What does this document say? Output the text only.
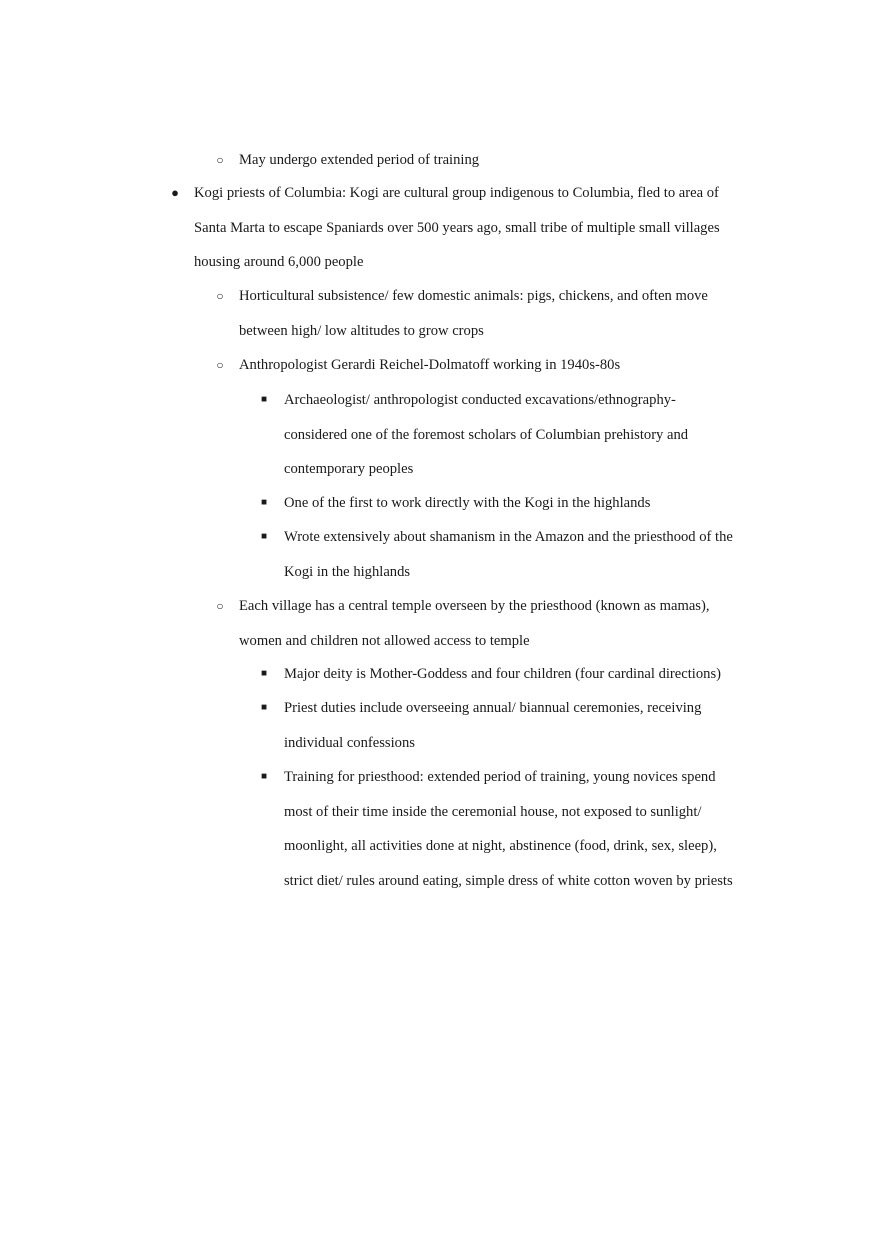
○ May undergo extended period of training
● Kogi priests of Columbia: Kogi are cultural group indigenous to Columbia, fled to area of Santa Marta to escape Spaniards over 500 years ago, small tribe of multiple small villages housing around 6,000 people
○ Horticultural subsistence/ few domestic animals: pigs, chickens, and often move between high/ low altitudes to grow crops
○ Anthropologist Gerardi Reichel-Dolmatoff working in 1940s-80s
■ Archaeologist/ anthropologist conducted excavations/ethnography- considered one of the foremost scholars of Columbian prehistory and contemporary peoples
■ One of the first to work directly with the Kogi in the highlands
■ Wrote extensively about shamanism in the Amazon and the priesthood of the Kogi in the highlands
○ Each village has a central temple overseen by the priesthood (known as mamas), women and children not allowed access to temple
■ Major deity is Mother-Goddess and four children (four cardinal directions)
■ Priest duties include overseeing annual/ biannual ceremonies, receiving individual confessions
■ Training for priesthood: extended period of training, young novices spend most of their time inside the ceremonial house, not exposed to sunlight/ moonlight, all activities done at night, abstinence (food, drink, sex, sleep), strict diet/ rules around eating, simple dress of white cotton woven by priests
